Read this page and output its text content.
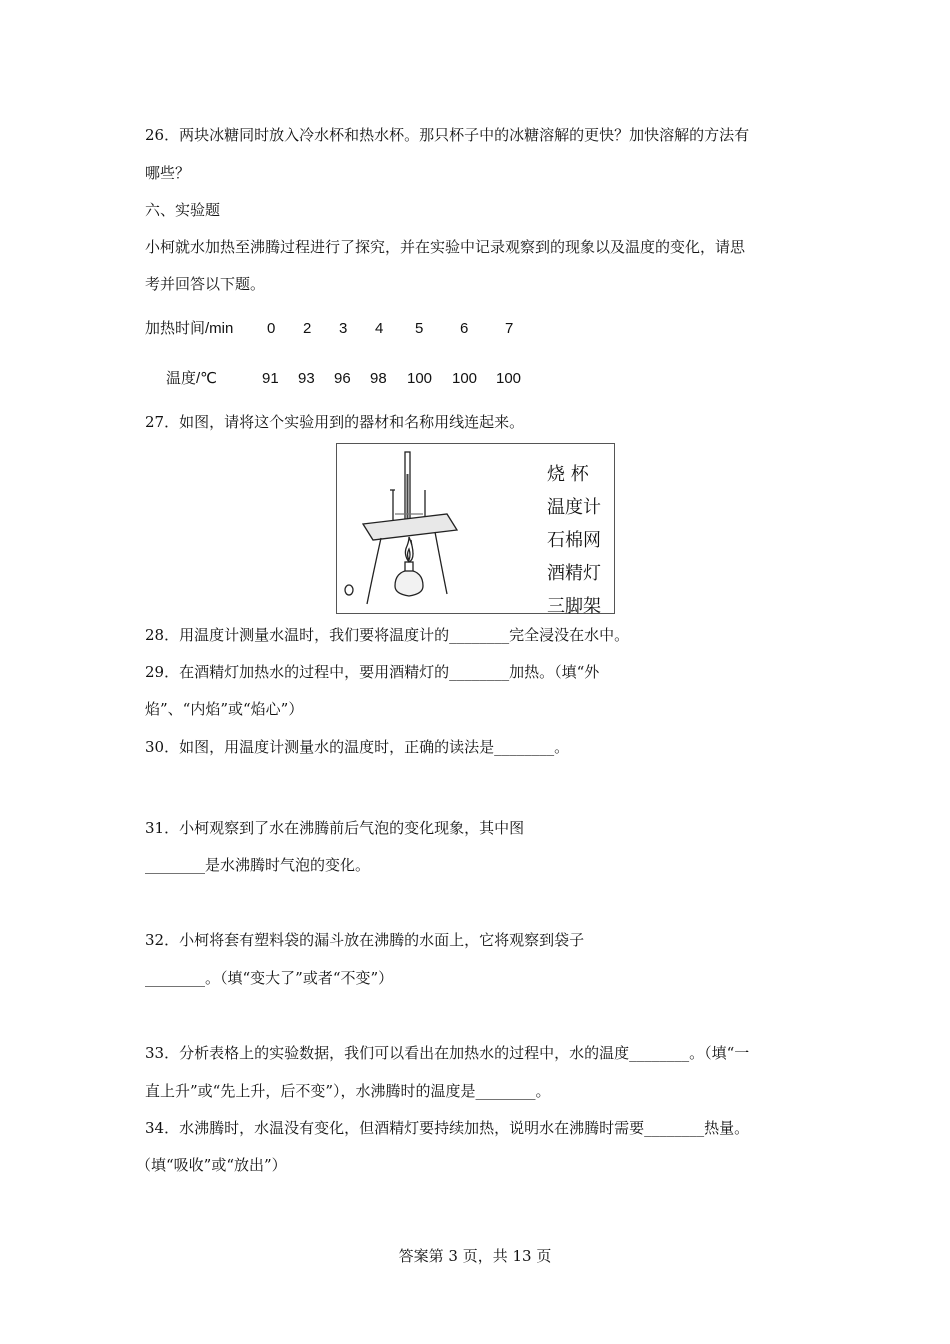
26．两块冰糖同时放入冷水杯和热水杯。那只杯子中的冰糖溶解的更快？加快溶解的方法有
哪些？
六、实验题
小柯就水加热至沸腾过程进行了探究，并在实验中记录观察到的现象以及温度的变化，请思
考并回答以下题。
加热时间/min 0 2 3 4 5 6 7
温度/℃	91 93 96 98 100 100 100
27．如图，请将这个实验用到的器材和名称用线连起来。
烧 杯
温度计
石棉网
酒精灯
三脚架
28．用温度计测量水温时，我们要将温度计的________完全浸没在水中。
29．在酒精灯加热水的过程中，要用酒精灯的________加热。（填“外
焰”、“内焰”或“焰心”）
30．如图，用温度计测量水的温度时，正确的读法是________。
31．小柯观察到了水在沸腾前后气泡的变化现象，其中图
________是水沸腾时气泡的变化。
32．小柯将套有塑料袋的漏斗放在沸腾的水面上，它将观察到袋子
________。（填“变大了”或者“不变”）
33．分析表格上的实验数据，我们可以看出在加热水的过程中，水的温度________。（填“一
直上升”或“先上升，后不变”），水沸腾时的温度是________。
34．水沸腾时，水温没有变化，但酒精灯要持续加热，说明水在沸腾时需要________热量。
（填“吸收”或“放出”）
答案第 3 页，共 13 页
